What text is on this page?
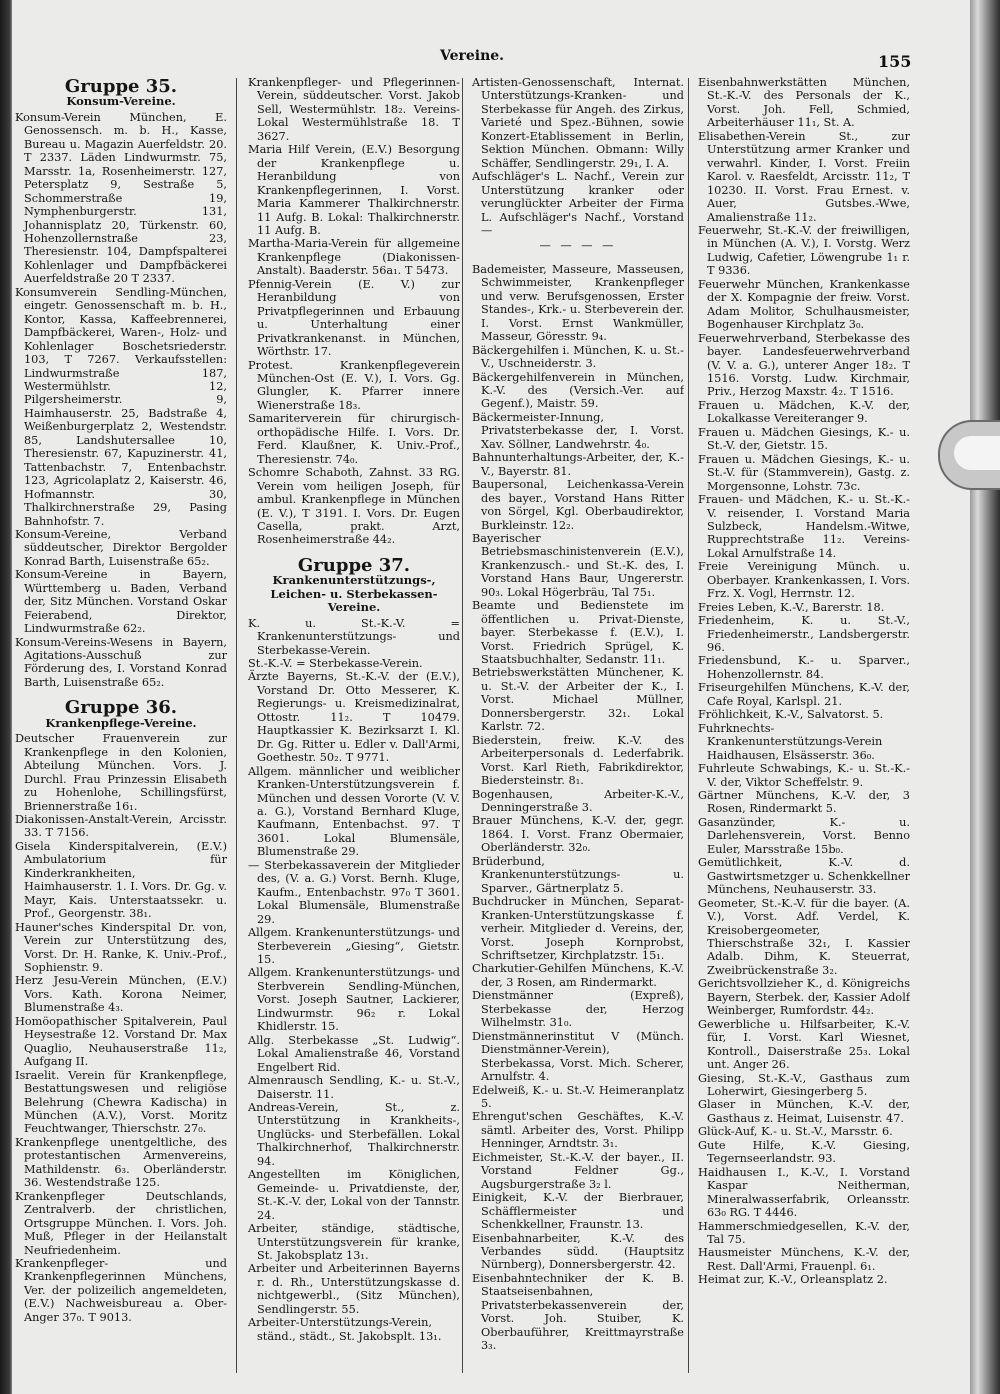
Vereine.	155
Gruppe 35.
Konsum-Vereine.
Konsum-Verein München, E. Genossensch. m. b. H., Kasse, Bureau u. Magazin Auerfeldstr. 20. T 2337. Läden Lindwurmstr. 75, Marsstr. 1a, Rosenheimerstr. 127, Petersplatz 9, Sestraße 5, Schommerstraße 19, Nymphenburgerstr. 131, Johannisplatz 20, Türkenstr. 60, Hohenzollernstraße 23, Theresienstr. 104, Dampfspalterei Kohlenlager und Dampfbäckerei Auerfeldstraße 20 T 2337.
Konsumverein Sendling-München, eingetr. Genossenschaft m. b. H., Kontor, Kassa, Kaffeebrennerei, Dampfbäckerei, Waren-, Holz- und Kohlenlager Boschetsriederstr. 103, T 7267. Verkaufsstellen: Lindwurmstraße 187, Westermühlstr. 12, Pilgersheimerstr. 9, Haimhauserstr. 25, Badstraße 4, Weißenburgerplatz 2, Westendstr. 85, Landshutersallee 10, Theresienstr. 67, Kapuzinerstr. 41, Tattenbachstr. 7, Entenbachstr. 123, Agricolaplatz 2, Kaiserstr. 46, Hofmannstr. 30, Thalkirchnerstraße 29, Pasing Bahnhofstr. 7.
Konsum-Vereine, Verband süddeutscher, Direktor Bergolder Konrad Barth, Luisenstraße 65₂.
Konsum-Vereine in Bayern, Württemberg u. Baden, Verband der, Sitz München. Vorstand Oskar Feierabend, Direktor, Lindwurmstraße 62₂.
Konsum-Vereins-Wesens in Bayern, Agitations-Ausschuß zur Förderung des, I. Vorstand Konrad Barth, Luisenstraße 65₂.
Gruppe 36.
Krankenpflege-Vereine.
Deutscher Frauenverein zur Krankenpflege in den Kolonien, Abteilung München. Vors. J. Durchl. Frau Prinzessin Elisabeth zu Hohenlohe, Schillingsfürst, Briennerstraße 16₁.
Diakonissen-Anstalt-Verein, Arcisstr. 33. T 7156.
Gisela Kinderspitalverein, (E.V.) Ambulatorium für Kinderkrankheiten, Haimhauserstr. 1. I. Vors. Dr. Gg. v. Mayr, Kais. Unterstaatssekr. u. Prof., Georgenstr. 38₁.
Hauner'sches Kinderspital Dr. von, Verein zur Unterstützung des, Vorst. Dr. H. Ranke, K. Univ.-Prof., Sophienstr. 9.
Herz Jesu-Verein München, (E.V.) Vors. Kath. Korona Neimer, Blumenstraße 4₃.
Homöopathischer Spitalverein, Paul Heysestraße 12. Vorstand Dr. Max Quaglio, Neuhauserstraße 11₂, Aufgang II.
Israelit. Verein für Krankenpflege, Bestattungswesen und religiöse Belehrung (Chewra Kadischa) in München (A.V.), Vorst. Moritz Feuchtwanger, Thierschstr. 27₀.
Krankenpflege unentgeltliche, des protestantischen Armenvereins, Mathildenstr. 6₃. Oberländerstr. 36. Westendstraße 125.
Krankenpfleger Deutschlands, Zentralverb. der christlichen, Ortsgruppe München. I. Vors. Joh. Muß, Pfleger in der Heilanstalt Neufriedenheim.
Krankenpfleger- und Krankenpflegerinnen Münchens, Ver. der polizeilich angemeldeten, (E.V.) Nachweisbureau a. Ober-Anger 37₀. T 9013.
Krankenpfleger- und Pflegerinnen-Verein, süddeutscher. Vorst. Jakob Sell, Westermühlstr. 18₂. Vereins-Lokal Westermühlstraße 18. T 3627.
Maria Hilf Verein, (E.V.) Besorgung der Krankenpflege u. Heranbildung von Krankenpflegerinnen, I. Vorst. Maria Kammerer Thalkirchnerstr. 11 Aufg. B. Lokal: Thalkirchnerstr. 11 Aufg. B.
Martha-Maria-Verein für allgemeine Krankenpflege (Diakonissen-Anstalt). Baaderstr. 56a₁. T 5473.
Pfennig-Verein (E. V.) zur Heranbildung von Privatpflegerinnen und Erbauung u. Unterhaltung einer Privatkrankenanst. in München, Wörthstr. 17.
Protest. Krankenpflegeverein München-Ost (E. V.), I. Vors. Gg. Glungler, K. Pfarrer innere Wienerstraße 18₃.
Samariterverein für chirurgisch-orthopädische Hilfe. I. Vors. Dr. Ferd. Klaußner, K. Univ.-Prof., Theresienstr. 74₀.
Schomre Schaboth, Zahnst. 33 RG. Verein vom heiligen Joseph, für ambul. Krankenpflege in München (E. V.), T 3191. I. Vors. Dr. Eugen Casella, prakt. Arzt, Rosenheimerstraße 44₂.
Gruppe 37.
Krankenunterstützungs-, Leichen- u. Sterbekassen-Vereine.
K. u. St.-K.-V. = Krankenunterstützungs- und Sterbekasse-Verein.
St.-K.-V. = Sterbekasse-Verein.
Ärzte Bayerns, St.-K.-V. der (E.V.), Vorstand Dr. Otto Messerer, K. Regierungs- u. Kreismedizinalrat, Ottostr. 11₂. T 10479. Hauptkassier K. Bezirksarzt I. Kl. Dr. Gg. Ritter u. Edler v. Dall'Armi, Goethestr. 50₂. T 9771.
Allgem. männlicher und weiblicher Kranken-Unterstützungsverein f. München und dessen Vororte (V. V. a. G.), Vorstand Bernhard Kluge, Kaufmann, Entenbachst. 97. T 3601. Lokal Blumensäle, Blumenstraße 29.
— Sterbekassaverein der Mitglieder des, (V. a. G.) Vorst. Bernh. Kluge, Kaufm., Entenbachstr. 97₀ T 3601. Lokal Blumensäle, Blumenstraße 29.
Allgem. Krankenunterstützungs- und Sterbeverein „Giesing“, Gietstr. 15.
Allgem. Krankenunterstützungs- und Sterbverein Sendling-München, Vorst. Joseph Sautner, Lackierer, Lindwurmstr. 96₂ r. Lokal Khidlerstr. 15.
Allg. Sterbekasse „St. Ludwig“. Lokal Amalienstraße 46, Vorstand Engelbert Rid.
Almenrausch Sendling, K.- u. St.-V., Daiserstr. 11.
Andreas-Verein, St., z. Unterstützung in Krankheits-, Unglücks- und Sterbefällen. Lokal Thalkirchnerhof, Thalkirchnerstr. 94.
Angestellten im Königlichen, Gemeinde- u. Privatdienste, der, St.-K.-V. der, Lokal von der Tannstr. 24.
Arbeiter, ständige, städtische, Unterstützungsverein für kranke, St. Jakobsplatz 13₁.
Arbeiter und Arbeiterinnen Bayerns r. d. Rh., Unterstützungskasse d. nichtgewerbl., (Sitz München), Sendlingerstr. 55.
Arbeiter-Unterstützungs-Verein, ständ., städt., St. Jakobsplt. 13₁.
Artisten-Genossenschaft, Internat. Unterstützungs-Kranken- und Sterbekasse für Angeh. des Zirkus, Varieté und Spez.-Bühnen, sowie Konzert-Etablissement in Berlin, Sektion München. Obmann: Willy Schäffer, Sendlingerstr. 29₁, I. A.
Aufschläger's L. Nachf., Verein zur Unterstützung kranker oder verunglückter Arbeiter der Firma L. Aufschläger's Nachf., Vorstand —
— — — —
Bademeister, Masseure, Masseusen, Schwimmeister, Krankenpfleger und verw. Berufsgenossen, Erster Standes-, Krk.- u. Sterbeverein der. I. Vorst. Ernst Wankmüller, Masseur, Göresstr. 9₄.
Bäckergehilfen i. München, K. u. St.-V., Uschneiderstr. 3.
Bäckergehilfenverein in München, K.-V. des (Versich.-Ver. auf Gegenf.), Maistr. 59.
Bäckermeister-Innung, Privatsterbekasse der, I. Vorst. Xav. Söllner, Landwehrstr. 4₀.
Bahnunterhaltungs-Arbeiter, der, K.-V., Bayerstr. 81.
Baupersonal, Leichenkassa-Verein des bayer., Vorstand Hans Ritter von Sörgel, Kgl. Oberbaudirektor, Burkleinstr. 12₂.
Bayerischer Betriebsmaschinistenverein (E.V.), Krankenzusch.- und St.-K. des, I. Vorstand Hans Baur, Ungererstr. 90₃. Lokal Högerbräu, Tal 75₁.
Beamte und Bedienstete im öffentlichen u. Privat-Dienste, bayer. Sterbekasse f. (E.V.), I. Vorst. Friedrich Sprügel, K. Staatsbuchhalter, Sedanstr. 11₁.
Betriebswerkstätten Münchener, K. u. St.-V. der Arbeiter der K., I. Vorst. Michael Müllner, Donnersbergerstr. 32₁. Lokal Karlstr. 72.
Biederstein, freiw. K.-V. des Arbeiterpersonals d. Lederfabrik. Vorst. Karl Rieth, Fabrikdirektor, Biedersteinstr. 8₁.
Bogenhausen, Arbeiter-K.-V., Denningerstraße 3.
Brauer Münchens, K.-V. der, gegr. 1864. I. Vorst. Franz Obermaier, Oberländerstr. 32₀.
Brüderbund, Krankenunterstützungs- u. Sparver., Gärtnerplatz 5.
Buchdrucker in München, Separat-Kranken-Unterstützungskasse f. verheir. Mitglieder d. Vereins, der, Vorst. Joseph Kornprobst, Schriftsetzer, Kirchplatzstr. 15₁.
Charkutier-Gehilfen Münchens, K.-V. der, 3 Rosen, am Rindermarkt.
Dienstmänner (Expreß), Sterbekasse der, Herzog Wilhelmstr. 31₀.
Dienstmännerinstitut V (Münch. Dienstmänner-Verein), Sterbekassa, Vorst. Mich. Scherer, Arnulfstr. 4.
Edelweiß, K.- u. St.-V. Heimeranplatz 5.
Ehrengut'schen Geschäftes, K.-V. sämtl. Arbeiter des, Vorst. Philipp Henninger, Arndtstr. 3₁.
Eichmeister, St.-K.-V. der bayer., II. Vorstand Feldner Gg., Augsburgerstraße 3₂ l.
Einigkeit, K.-V. der Bierbrauer, Schäfflermeister und Schenkkellner, Fraunstr. 13.
Eisenbahnarbeiter, K.-V. des Verbandes südd. (Hauptsitz Nürnberg), Donnersbergerstr. 42.
Eisenbahntechniker der K. B. Staatseisenbahnen, Privatsterbekassenverein der, Vorst. Joh. Stuiber, K. Oberbauführer, Kreittmayrstraße 3₃.
Eisenbahnwerkstätten München, St.-K.-V. des Personals der K., Vorst. Joh. Fell, Schmied, Arbeiterhäuser 11₁, St. A.
Elisabethen-Verein St., zur Unterstützung armer Kranker und verwahrl. Kinder, I. Vorst. Freiin Karol. v. Raesfeldt, Arcisstr. 11₂, T 10230. II. Vorst. Frau Ernest. v. Auer, Gutsbes.-Wwe, Amalienstraße 11₂.
Feuerwehr, St.-K.-V. der freiwilligen, in München (A. V.), I. Vorstg. Werz Ludwig, Cafetier, Löwengrube 1₁ r. T 9336.
Feuerwehr München, Krankenkasse der X. Kompagnie der freiw. Vorst. Adam Molitor, Schulhausmeister, Bogenhauser Kirchplatz 3₀.
Feuerwehrverband, Sterbekasse des bayer. Landesfeuerwehrverband (V. V. a. G.), unterer Anger 18₂. T 1516. Vorstg. Ludw. Kirchmair, Priv., Herzog Maxstr. 4₂. T 1516.
Frauen u. Mädchen, K.-V. der, Lokalkasse Vereiteranger 9.
Frauen u. Mädchen Giesings, K.- u. St.-V. der, Gietstr. 15.
Frauen u. Mädchen Giesings, K.- u. St.-V. für (Stammverein), Gastg. z. Morgensonne, Lohstr. 73c.
Frauen- und Mädchen, K.- u. St.-K.-V. reisender, I. Vorstand Maria Sulzbeck, Handelsm.-Witwe, Rupprechtstraße 11₂. Vereins-Lokal Arnulfstraße 14.
Freie Vereinigung Münch. u. Oberbayer. Krankenkassen, I. Vors. Frz. X. Vogl, Herrnstr. 12.
Freies Leben, K.-V., Barerstr. 18.
Friedenheim, K. u. St.-V., Friedenheimerstr., Landsbergerstr. 96.
Friedensbund, K.- u. Sparver., Hohenzollernstr. 84.
Friseurgehilfen Münchens, K.-V. der, Cafe Royal, Karlspl. 21.
Fröhlichkeit, K.-V., Salvatorst. 5.
Fuhrknechts-Krankenunterstützungs-Verein Haidhausen, Elsässerstr. 36₀.
Fuhrleute Schwabings, K.- u. St.-K.-V. der, Viktor Scheffelstr. 9.
Gärtner Münchens, K.-V. der, 3 Rosen, Rindermarkt 5.
Gasanzünder, K.- u. Darlehensverein, Vorst. Benno Euler, Marsstraße 15b₀.
Gemütlichkeit, K.-V. d. Gastwirtsmetzger u. Schenkkellner Münchens, Neuhauserstr. 33.
Geometer, St.-K.-V. für die bayer. (A. V.), Vorst. Adf. Verdel, K. Kreisobergeometer, Thierschstraße 32₁, I. Kassier Adalb. Dihm, K. Steuerrat, Zweibrückenstraße 3₂.
Gerichtsvollzieher K., d. Königreichs Bayern, Sterbek. der, Kassier Adolf Weinberger, Rumfordstr. 44₂.
Gewerbliche u. Hilfsarbeiter, K.-V. für, I. Vorst. Karl Wiesnet, Kontroll., Daiserstraße 25₃. Lokal unt. Anger 26.
Giesing, St.-K.-V., Gasthaus zum Loherwirt, Giesingerberg 5.
Glaser in München, K.-V. der, Gasthaus z. Heimat, Luisenstr. 47.
Glück-Auf, K.- u. St.-V., Marsstr. 6.
Gute Hilfe, K.-V. Giesing, Tegernseerlandstr. 93.
Haidhausen I., K.-V., I. Vorstand Kaspar Neitherman, Mineralwasserfabrik, Orleansstr. 63₀ RG. T 4446.
Hammerschmiedgesellen, K.-V. der, Tal 75.
Hausmeister Münchens, K.-V. der, Rest. Dall'Armi, Frauenpl. 6₁.
Heimat zur, K.-V., Orleansplatz 2.
